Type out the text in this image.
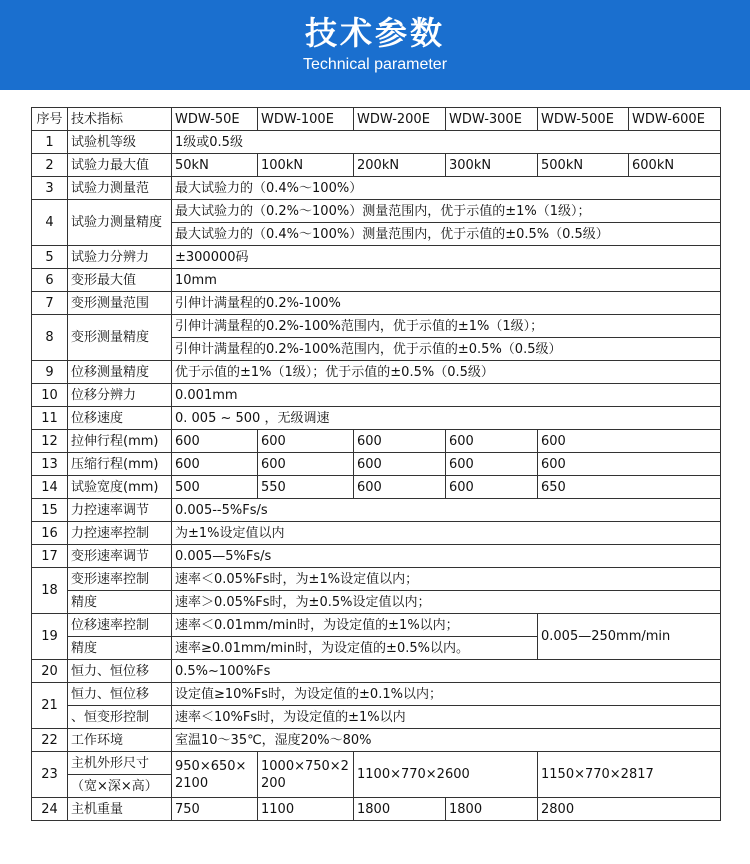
技术参数
Technical parameter
序号	技术指标	WDW-50E	WDW-100E	WDW-200E	WDW-300E	WDW-500E	WDW-600E
1	试验机等级	1级或0.5级					
2	试验力最大值	50kN	100kN	200kN	300kN	500kN	600kN
3	试验力测量范	最大试验力的（0.4%～100%）					
4	试验力测量精度	最大试验力的（0.2%～100%）测量范围内，优于示值的±1%（1级）；					
		最大试验力的（0.4%～100%）测量范围内，优于示值的±0.5%（0.5级）					
5	试验力分辨力	±300000码					
6	变形最大值	10mm					
7	变形测量范围	引伸计满量程的0.2%-100%					
8	变形测量精度	引伸计满量程的0.2%-100%范围内，优于示值的±1%（1级）；					
		引伸计满量程的0.2%-100%范围内，优于示值的±0.5%（0.5级）					
9	位移测量精度	优于示值的±1%（1级）；优于示值的±0.5%（0.5级）					
10	位移分辨力	0.001mm					
11	位移速度	0. 005 ~ 500 ，无级调速					
12	拉伸行程(mm)	600	600	600	600	600	
13	压缩行程(mm)	600	600	600	600	600	
14	试验宽度(mm)	500	550	600	600	650	
15	力控速率调节	0.005--5%Fs/s					
16	力控速率控制	为±1%设定值以内					
17	变形速率调节	0.005—5%Fs/s					
18	变形速率控制	速率＜0.05%Fs时，为±1%设定值以内；					
	精度	速率＞0.05%Fs时，为±0.5%设定值以内；					
19	位移速率控制	速率＜0.01mm/min时，为设定值的±1%以内；				0.005—250mm/min	
	精度	速率≥0.01mm/min时，为设定值的±0.5%以内。					
20	恒力、恒位移	0.5%~100%Fs					
21	恒力、恒位移	设定值≥10%Fs时，为设定值的±0.1%以内；					
	、恒变形控制	速率＜10%Fs时，为设定值的±1%以内					
22	工作环境	室温10～35℃，湿度20%～80%					
23	主机外形尺寸	950×650×2100	1000×750×2200	1100×770×2600		1150×770×2817	
	（宽×深×高）						
24	主机重量	750	1100	1800	1800	2800	
